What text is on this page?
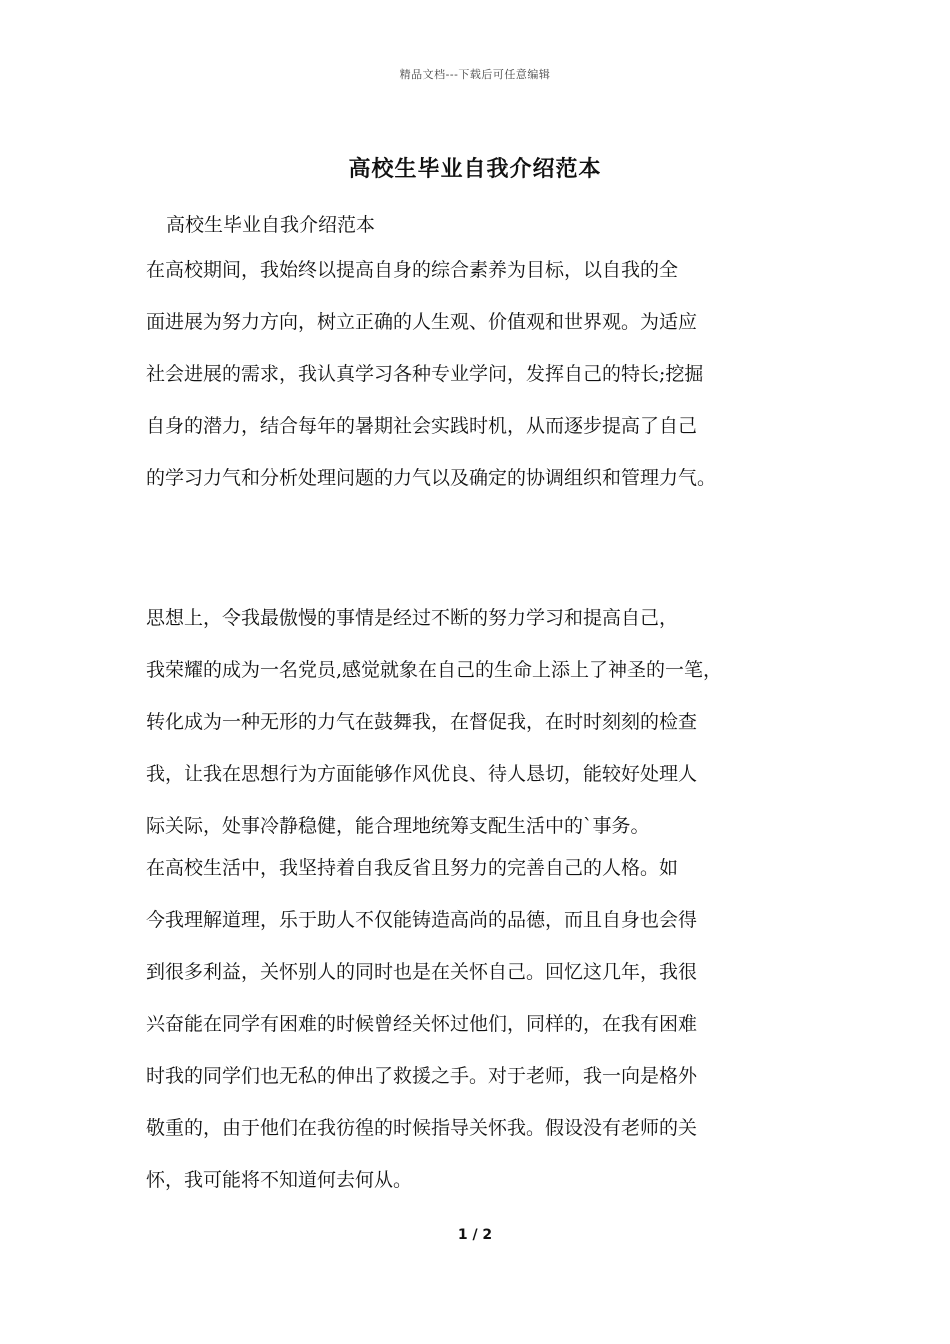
精品文档---下载后可任意编辑
高校生毕业自我介绍范本
高校生毕业自我介绍范本
在高校期间，我始终以提高自身的综合素养为目标，以自我的全
面进展为努力方向，树立正确的人生观、价值观和世界观。为适应
社会进展的需求，我认真学习各种专业学问，发挥自己的特长;挖掘
自身的潜力，结合每年的暑期社会实践时机，从而逐步提高了自己
的学习力气和分析处理问题的力气以及确定的协调组织和管理力气。
思想上，令我最傲慢的事情是经过不断的努力学习和提高自己，
我荣耀的成为一名党员,感觉就象在自己的生命上添上了神圣的一笔，
转化成为一种无形的力气在鼓舞我，在督促我，在时时刻刻的检查
我，让我在思想行为方面能够作风优良、待人恳切，能较好处理人
际关际，处事冷静稳健，能合理地统筹支配生活中的`事务。
在高校生活中，我坚持着自我反省且努力的完善自己的人格。如
今我理解道理，乐于助人不仅能铸造高尚的品德，而且自身也会得
到很多利益，关怀别人的同时也是在关怀自己。回忆这几年，我很
兴奋能在同学有困难的时候曾经关怀过他们，同样的，在我有困难
时我的同学们也无私的伸出了救援之手。对于老师，我一向是格外
敬重的，由于他们在我彷徨的时候指导关怀我。假设没有老师的关
怀，我可能将不知道何去何从。
1 / 2
